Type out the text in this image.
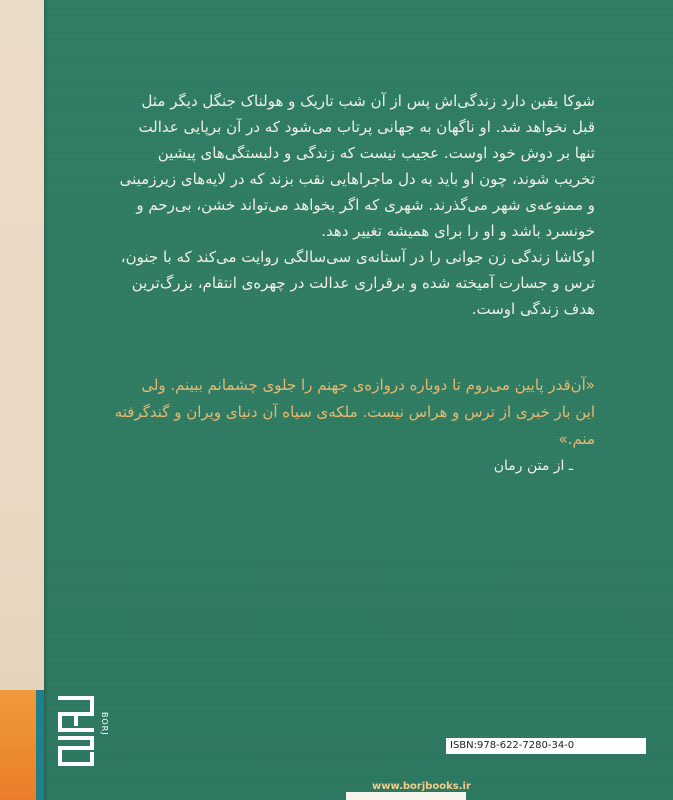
شوکا یقین دارد زندگی‌اش پس از آن شب تاریک و هولناک جنگل دیگر مثل

قبل نخواهد شد. او ناگهان به جهانی پرتاب می‌شود که در آن برپایی عدالت

تنها بر دوش خود اوست. عجیب نیست که زندگی و دلبستگی‌های پیشین

تخریب شوند، چون او باید به دل ماجراهایی نقب بزند که در لایه‌های زیرزمینی

و ممنوعه‌ی شهر می‌گذرند. شهری که اگر بخواهد می‌تواند خشن، بی‌رحم و

خونسرد باشد و او را برای همیشه تغییر دهد.

اوکاشا زندگی زن جوانی را در آستانه‌ی سی‌سالگی روایت می‌کند که با جنون،

ترس و جسارت آمیخته شده و برقراری عدالت در چهره‌ی انتقام، بزرگ‌ترین

هدف زندگی اوست.

«آن‌قدر پایین می‌روم تا دوباره دروازه‌ی جهنم را جلوی چشمانم ببینم. ولی
این بار خبری از ترس و هراس نیست. ملکه‌ی سیاه آن دنیای ویران و گندگرفته
منم.»
ـ از متن رمان
BORJ
ISBN:978-622-7280-34-0
www.borjbooks.ir
